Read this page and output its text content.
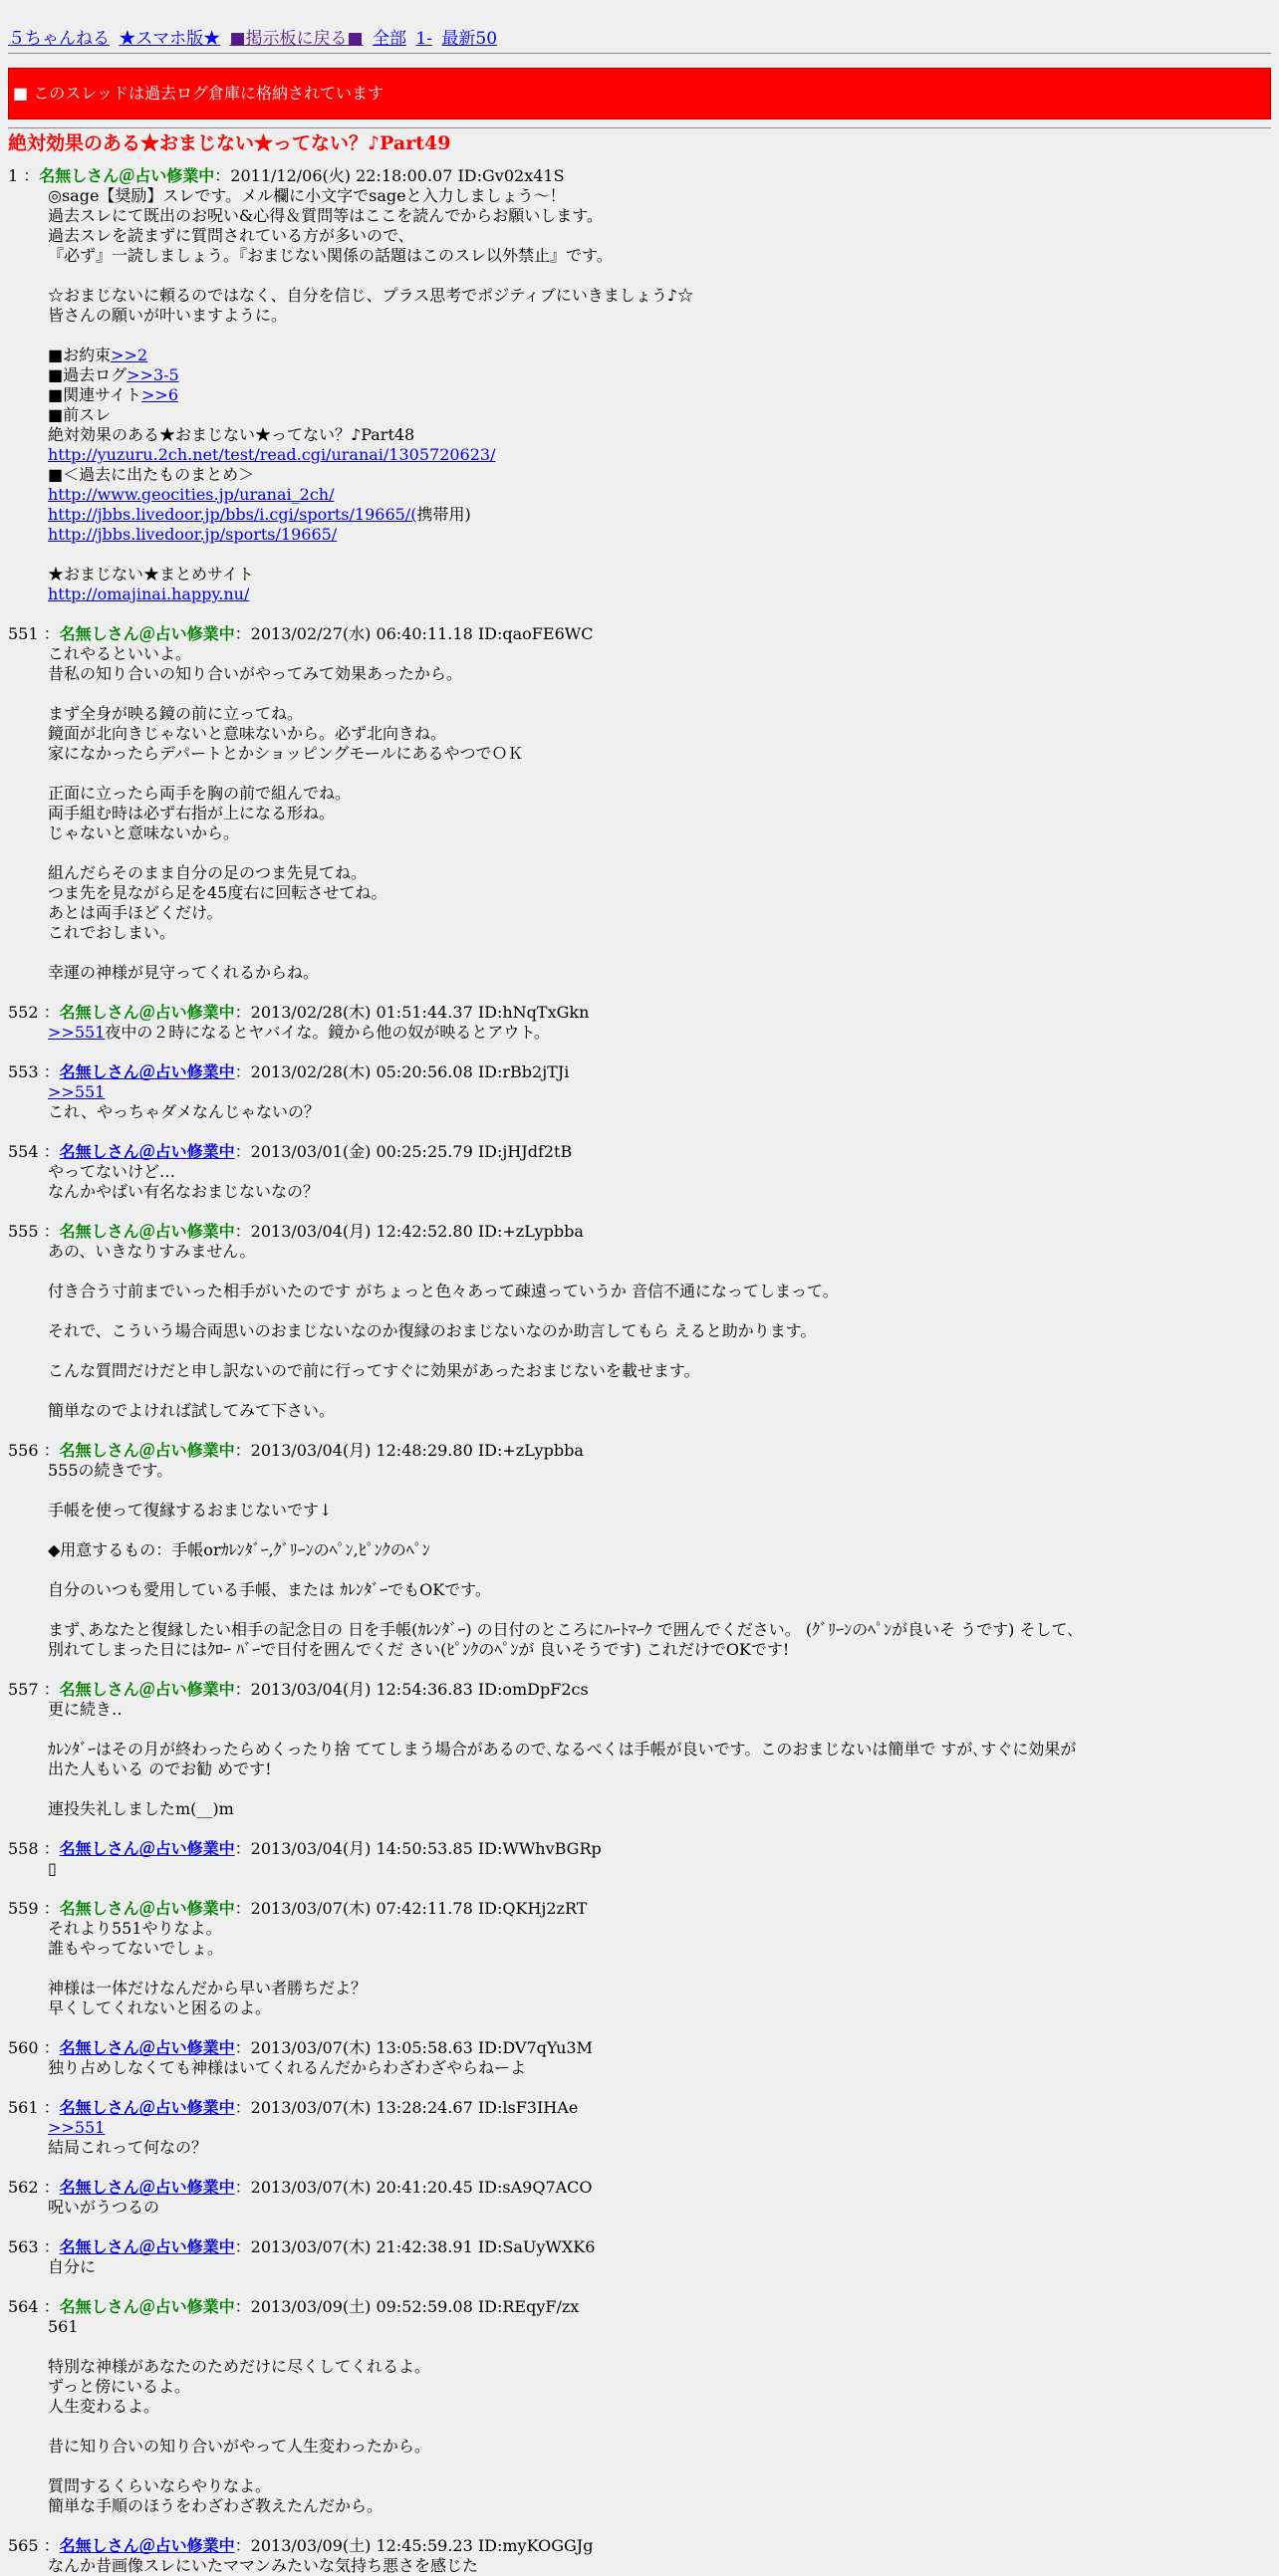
５ちゃんねる ★スマホ版★ ■掲示板に戻る■ 全部 1- 最新50
■ このスレッドは過去ログ倉庫に格納されています
絶対効果のある★おまじない★ってない？♪Part49
1 ：名無しさん＠占い修業中：2011/12/06(火) 22:18:00.07 ID:Gv02x41S
◎sage【奨励】スレです。メル欄に小文字でsageと入力しましょう～！
過去スレにて既出のお呪い&心得＆質問等はここを読んでからお願いします。
過去スレを読まずに質問されている方が多いので、
『必ず』一読しましょう。『おまじない関係の話題はこのスレ以外禁止』です。
☆おまじないに頼るのではなく、自分を信じ、プラス思考でポジティブにいきましょう♪☆
皆さんの願いが叶いますように。
■お約束>>2
■過去ログ>>3-5
■関連サイト>>6
■前スレ
絶対効果のある★おまじない★ってない？♪Part48
http://yuzuru.2ch.net/test/read.cgi/uranai/1305720623/
■＜過去に出たものまとめ＞
http://www.geocities.jp/uranai_2ch/
http://jbbs.livedoor.jp/bbs/i.cgi/sports/19665/(携帯用)
http://jbbs.livedoor.jp/sports/19665/
★おまじない★まとめサイト
http://omajinai.happy.nu/
551 ：名無しさん＠占い修業中：2013/02/27(水) 06:40:11.18 ID:qaoFE6WC
これやるといいよ。
昔私の知り合いの知り合いがやってみて効果あったから。
まず全身が映る鏡の前に立ってね。
鏡面が北向きじゃないと意味ないから。必ず北向きね。
家になかったらデパートとかショッピングモールにあるやつでＯＫ
正面に立ったら両手を胸の前で組んでね。
両手組む時は必ず右指が上になる形ね。
じゃないと意味ないから。
組んだらそのまま自分の足のつま先見てね。
つま先を見ながら足を45度右に回転させてね。
あとは両手ほどくだけ。
これでおしまい。
幸運の神様が見守ってくれるからね。
552 ：名無しさん＠占い修業中：2013/02/28(木) 01:51:44.37 ID:hNqTxGkn
>>551夜中の２時になるとヤバイな。鏡から他の奴が映るとアウト。
553 ：名無しさん＠占い修業中：2013/02/28(木) 05:20:56.08 ID:rBb2jTJi
>>551
これ、やっちゃダメなんじゃないの？
554 ：名無しさん＠占い修業中：2013/03/01(金) 00:25:25.79 ID:jHJdf2tB
やってないけど…
なんかやばい有名なおまじないなの？
555 ：名無しさん＠占い修業中：2013/03/04(月) 12:42:52.80 ID:+zLypbba
あの、いきなりすみません。
付き合う寸前までいった相手がいたのです がちょっと色々あって疎遠っていうか 音信不通になってしまって。
それで、こういう場合両思いのおまじないなのか復縁のおまじないなのか助言してもら えると助かります。
こんな質問だけだと申し訳ないので前に行ってすぐに効果があったおまじないを載せます。
簡単なのでよければ試してみて下さい。
556 ：名無しさん＠占い修業中：2013/03/04(月) 12:48:29.80 ID:+zLypbba
555の続きです。
手帳を使って復縁するおまじないです↓
◆用意するもの：手帳orｶﾚﾝﾀﾞｰ,ｸﾞﾘｰﾝのﾍﾟﾝ,ﾋﾟﾝｸのﾍﾟﾝ
自分のいつも愛用している手帳、または ｶﾚﾝﾀﾞｰでもOKです。
まず､あなたと復縁したい相手の記念日の 日を手帳(ｶﾚﾝﾀﾞｰ) の日付のところにﾊｰﾄﾏｰｸ で囲んでください。 (ｸﾞﾘｰﾝのﾍﾟﾝが良いそ うです) そして､別れてしまった日にはｸﾛｰ ﾊﾞｰで日付を囲んでくだ さい(ﾋﾟﾝｸのﾍﾟﾝが 良いそうです) これだけでOKです!
557 ：名無しさん＠占い修業中：2013/03/04(月) 12:54:36.83 ID:omDpF2cs
更に続き‥
ｶﾚﾝﾀﾞｰはその月が終わったらめくったり捨 ててしまう場合があるので､なるべくは手帳が良いです。このおまじないは簡単で すが､すぐに効果が出た人もいる のでお勧 めです!
連投失礼しましたm(__)m
558 ：名無しさん＠占い修業中：2013/03/04(月) 14:50:53.85 ID:WWhvBGRp
▯
559 ：名無しさん＠占い修業中：2013/03/07(木) 07:42:11.78 ID:QKHj2zRT
それより551やりなよ。
誰もやってないでしょ。
神様は一体だけなんだから早い者勝ちだよ？
早くしてくれないと困るのよ。
560 ：名無しさん＠占い修業中：2013/03/07(木) 13:05:58.63 ID:DV7qYu3M
独り占めしなくても神様はいてくれるんだからわざわざやらねーよ
561 ：名無しさん＠占い修業中：2013/03/07(木) 13:28:24.67 ID:lsF3IHAe
>>551
結局これって何なの？
562 ：名無しさん＠占い修業中：2013/03/07(木) 20:41:20.45 ID:sA9Q7ACO
呪いがうつるの
563 ：名無しさん＠占い修業中：2013/03/07(木) 21:42:38.91 ID:SaUyWXK6
自分に
564 ：名無しさん＠占い修業中：2013/03/09(土) 09:52:59.08 ID:REqyF/zx
561
特別な神様があなたのためだけに尽くしてくれるよ。
ずっと傍にいるよ。
人生変わるよ。
昔に知り合いの知り合いがやって人生変わったから。
質問するくらいならやりなよ。
簡単な手順のほうをわざわざ教えたんだから。
565 ：名無しさん＠占い修業中：2013/03/09(土) 12:45:59.23 ID:myKOGGJg
なんか昔画像スレにいたママンみたいな気持ち悪さを感じた
